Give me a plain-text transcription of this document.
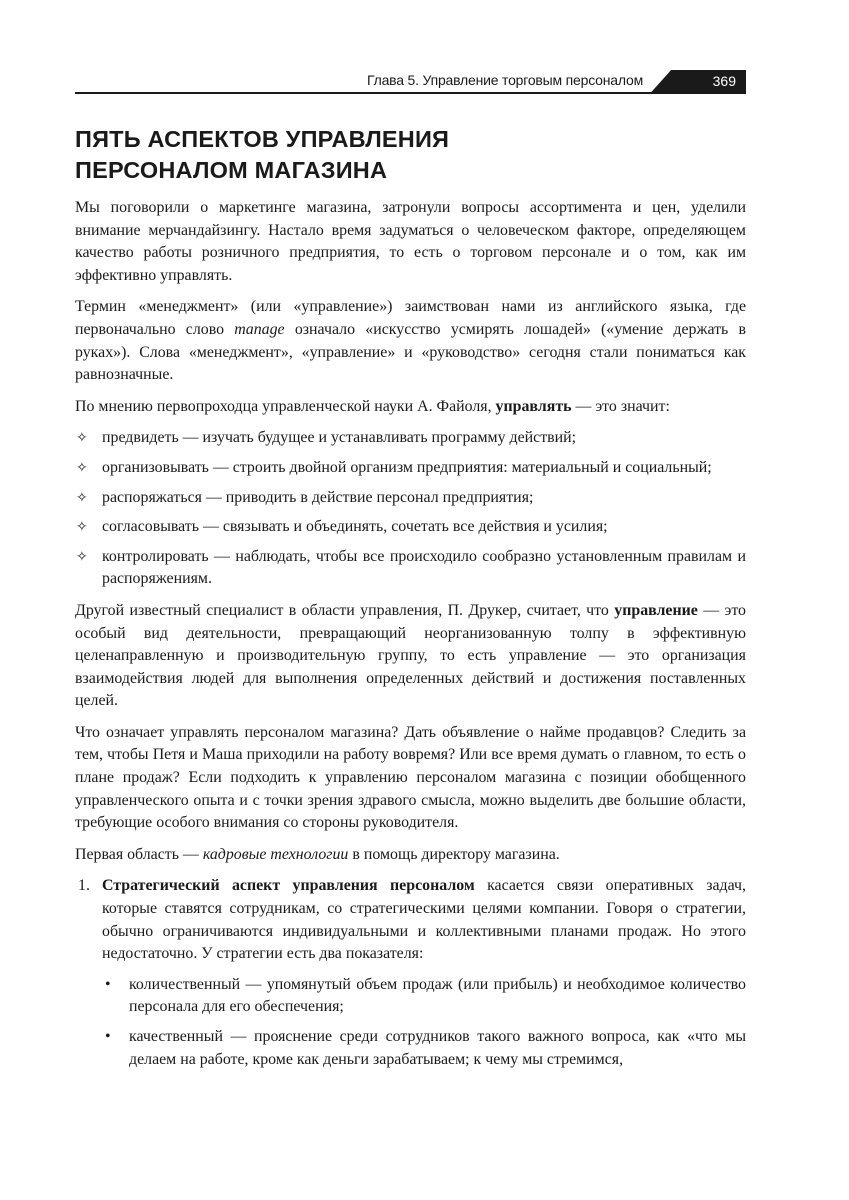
Глава 5. Управление торговым персоналом	369
ПЯТЬ АСПЕКТОВ УПРАВЛЕНИЯ
ПЕРСОНАЛОМ МАГАЗИНА

Мы поговорили о маркетинге магазина, затронули вопросы ассортимента и цен, уделили внимание мерчандайзингу. Настало время задуматься о человеческом факторе, определяющем качество работы розничного предприятия, то есть о торговом персонале и о том, как им эффективно управлять.

Термин «менеджмент» (или «управление») заимствован нами из английского языка, где первоначально слово manage означало «искусство усмирять лошадей» («умение держать в руках»). Слова «менеджмент», «управление» и «руководство» сегодня стали пониматься как равнозначные.

По мнению первопроходца управленческой науки А. Файоля, управлять — это значит:

✧ предвидеть — изучать будущее и устанавливать программу действий;
✧ организовывать — строить двойной организм предприятия: материальный и социальный;
✧ распоряжаться — приводить в действие персонал предприятия;
✧ согласовывать — связывать и объединять, сочетать все действия и усилия;
✧ контролировать — наблюдать, чтобы все происходило сообразно установленным правилам и распоряжениям.

Другой известный специалист в области управления, П. Друкер, считает, что управление — это особый вид деятельности, превращающий неорганизованную толпу в эффективную целенаправленную и производительную группу, то есть управление — это организация взаимодействия людей для выполнения определенных действий и достижения поставленных целей.

Что означает управлять персоналом магазина? Дать объявление о найме продавцов? Следить за тем, чтобы Петя и Маша приходили на работу вовремя? Или все время думать о главном, то есть о плане продаж? Если подходить к управлению персоналом магазина с позиции обобщенного управленческого опыта и с точки зрения здравого смысла, можно выделить две большие области, требующие особого внимания со стороны руководителя.

Первая область — кадровые технологии в помощь директору магазина.

1. Стратегический аспект управления персоналом касается связи оперативных задач, которые ставятся сотрудникам, со стратегическими целями компании. Говоря о стратегии, обычно ограничиваются индивидуальными и коллективными планами продаж. Но этого недостаточно. У стратегии есть два показателя:
• количественный — упомянутый объем продаж (или прибыль) и необходимое количество персонала для его обеспечения;
• качественный — прояснение среди сотрудников такого важного вопроса, как «что мы делаем на работе, кроме как деньги зарабатываем; к чему мы стремимся,
